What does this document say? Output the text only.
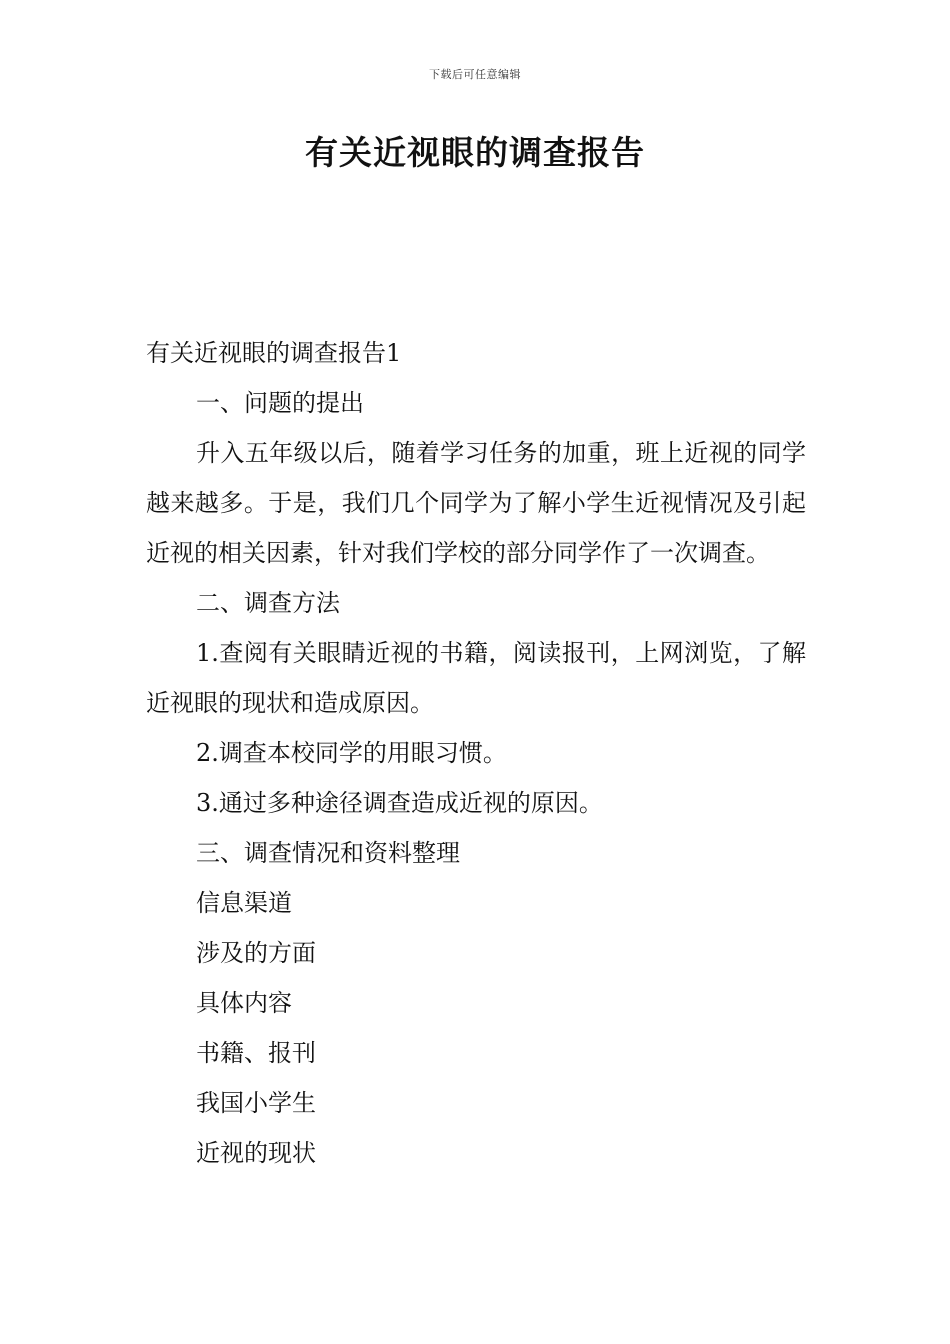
下载后可任意编辑
有关近视眼的调查报告

有关近视眼的调查报告1

一、问题的提出

升入五年级以后，随着学习任务的加重，班上近视的同学越来越多。于是，我们几个同学为了解小学生近视情况及引起近视的相关因素，针对我们学校的部分同学作了一次调查。

二、调查方法

1.查阅有关眼睛近视的书籍，阅读报刊，上网浏览，了解近视眼的现状和造成原因。

2.调查本校同学的用眼习惯。

3.通过多种途径调查造成近视的原因。

三、调查情况和资料整理

信息渠道

涉及的方面

具体内容

书籍、报刊

我国小学生

近视的现状
